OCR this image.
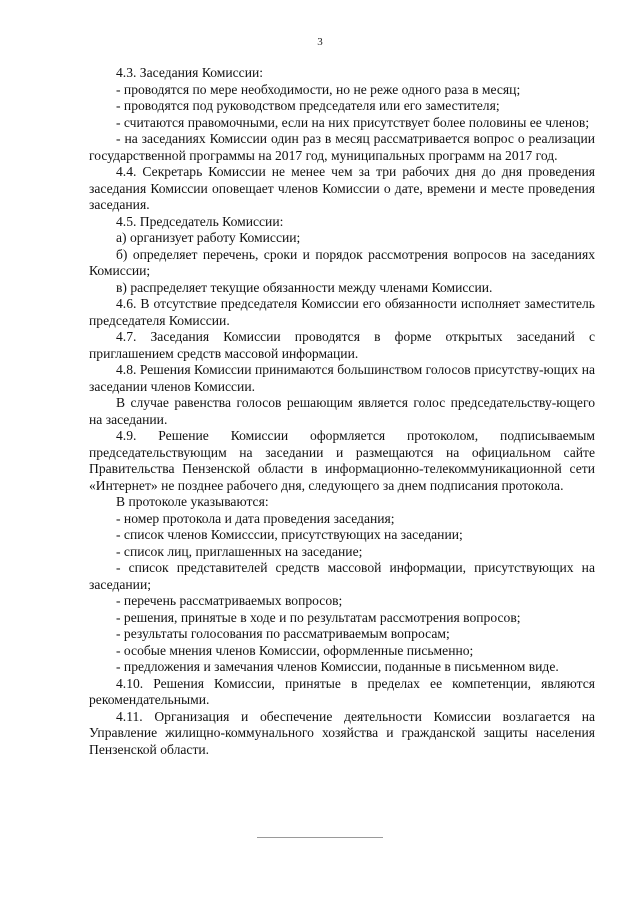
3

4.3. Заседания Комиссии:

- проводятся по мере необходимости, но не реже одного раза в месяц;

- проводятся под руководством председателя или его заместителя;

- считаются правомочными, если на них присутствует более половины ее членов;

- на заседаниях Комиссии один раз в месяц рассматривается вопрос о реализации государственной программы на 2017 год, муниципальных программ на 2017 год.

4.4. Секретарь Комиссии не менее чем за три рабочих дня до дня проведения заседания Комиссии оповещает членов Комиссии о дате, времени и месте проведения заседания.

4.5. Председатель Комиссии:

а) организует работу Комиссии;

б) определяет перечень, сроки и порядок рассмотрения вопросов на заседаниях Комиссии;

в) распределяет текущие обязанности между членами Комиссии.

4.6. В отсутствие председателя Комиссии его обязанности исполняет заместитель председателя Комиссии.

4.7. Заседания Комиссии проводятся в форме открытых заседаний с приглашением средств массовой информации.

4.8. Решения Комиссии принимаются большинством голосов присутству-ющих на заседании членов Комиссии.

В случае равенства голосов решающим является голос председательству-ющего на заседании.

4.9. Решение Комиссии оформляется протоколом, подписываемым председательствующим на заседании и размещаются на официальном сайте Правительства Пензенской области в информационно-телекоммуникационной сети «Интернет» не позднее рабочего дня, следующего за днем подписания протокола.

В протоколе указываются:

- номер протокола и дата проведения заседания;

- список членов Комисссии, присутствующих на заседании;

- список лиц, приглашенных на заседание;

- список представителей средств массовой информации, присутствующих на заседании;

- перечень рассматриваемых вопросов;

- решения, принятые в ходе и по результатам рассмотрения вопросов;

- результаты голосования по рассматриваемым вопросам;

- особые мнения членов Комиссии, оформленные письменно;

- предложения и замечания членов Комиссии, поданные в письменном виде.

4.10. Решения Комиссии, принятые в пределах ее компетенции, являются рекомендательными.

4.11. Организация и обеспечение деятельности Комиссии возлагается на Управление жилищно-коммунального хозяйства и гражданской защиты населения Пензенской области.
